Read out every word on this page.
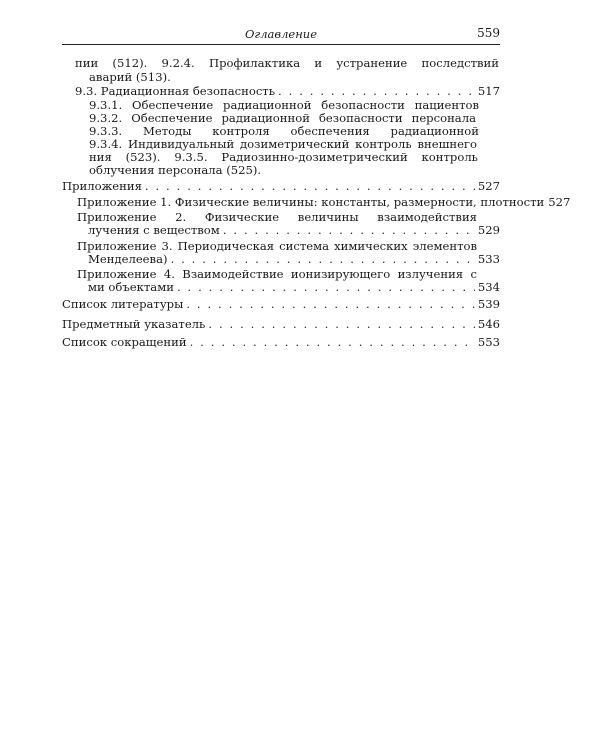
Оглавление	559
пии (512). 9.2.4. Профилактика и устранение последствий
аварий (513).
9.3. Радиационная безопасность . . .	517
9.3.1. Обеспечение радиационной безопасности пациентов
9.3.2. Обеспечение радиационной безопасности персонала
9.3.3. Методы контроля обеспечения радиационной
9.3.4. Индивидуальный дозиметрический контроль внешнего
ния (523). 9.3.5. Радиозинно-дозиметрический контроль
облучения персонала (525).
Приложения . . .	527
Приложение 1. Физические величины: константы, размерности, плотности 527
Приложение 2. Физические величины взаимодействия
лучения с веществом . . .	529
Приложение 3. Периодическая система химических элементов
Менделеева) . . .	533
Приложение 4. Взаимодействие ионизирующего излучения с
ми объектами . . .	534
Список литературы . . .	539
Предметный указатель . . .	546
Список сокращений . . .	553
